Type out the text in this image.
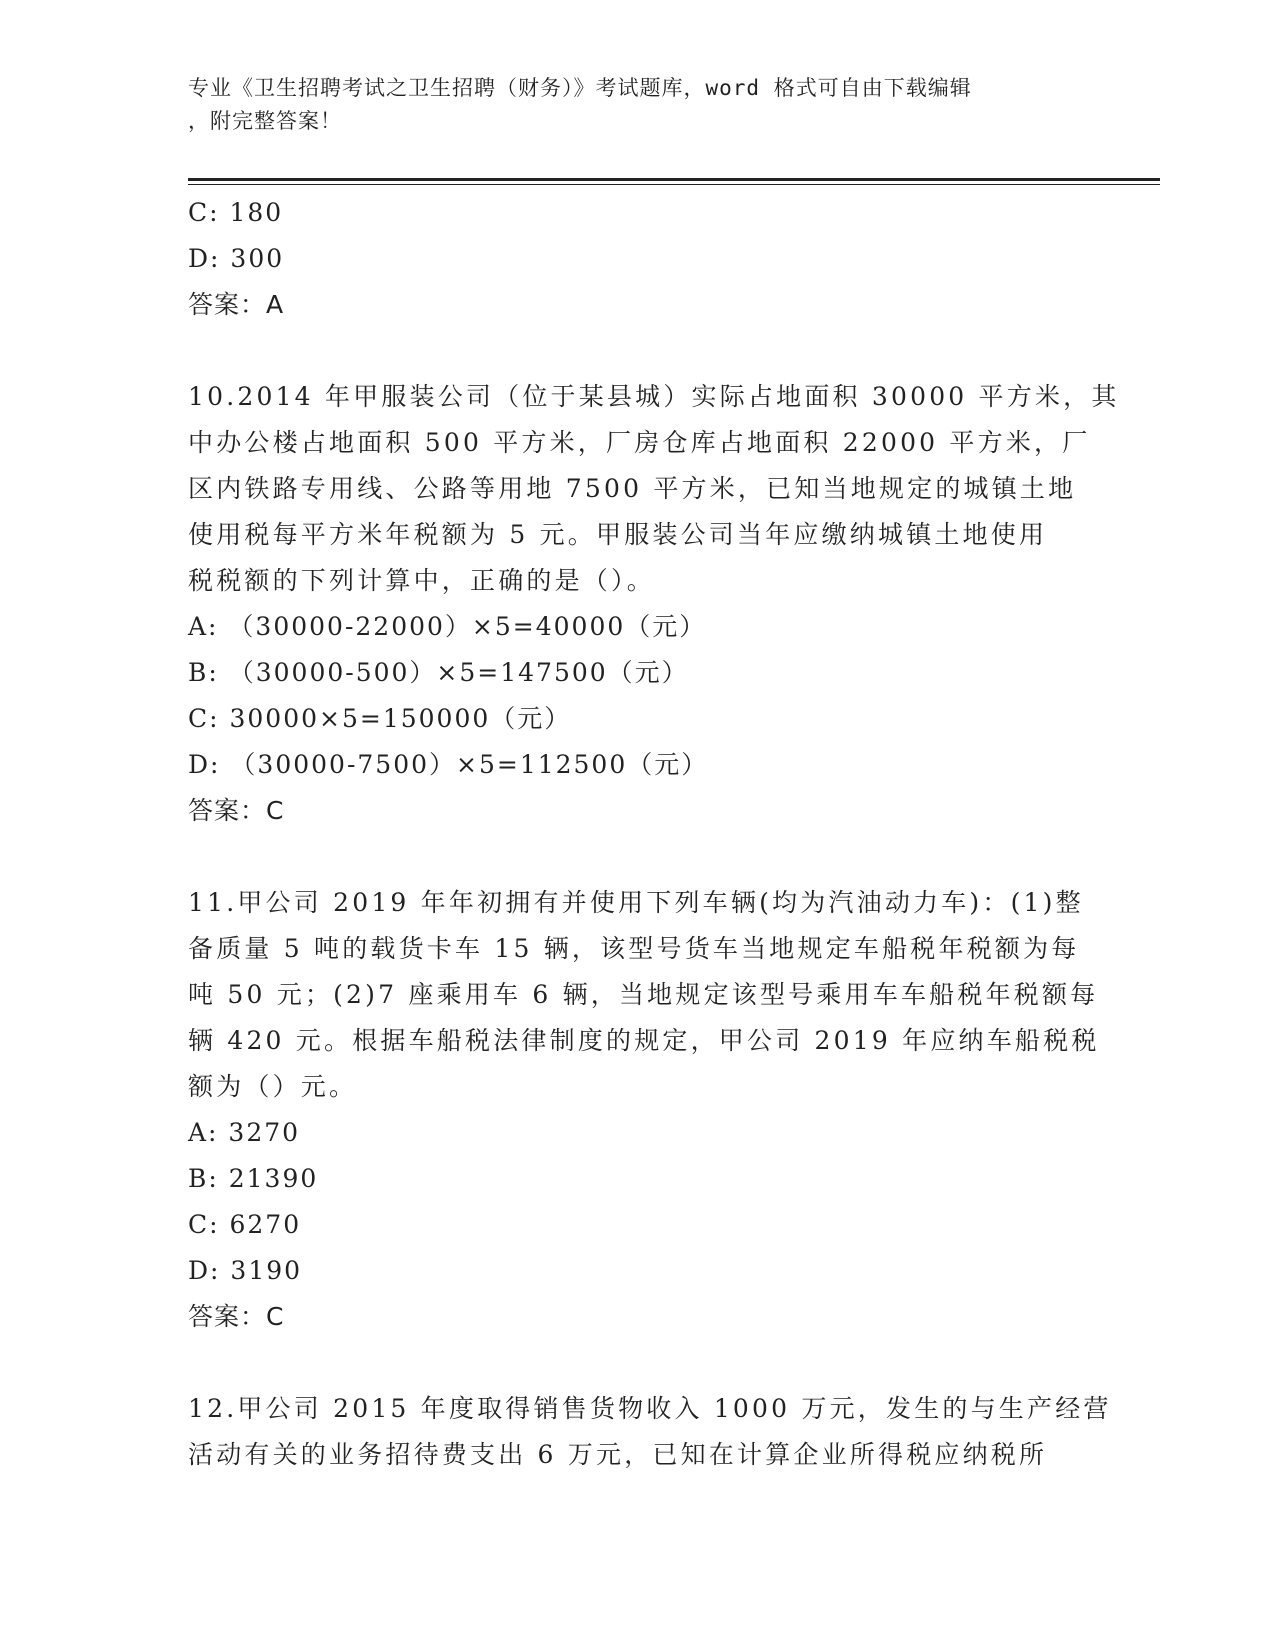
专业《卫生招聘考试之卫生招聘（财务）》考试题库，word 格式可自由下载编辑
，附完整答案！
C: 180
D: 300
答案：A
10.2014 年甲服装公司（位于某县城）实际占地面积 30000 平方米，其
中办公楼占地面积 500 平方米，厂房仓库占地面积 22000 平方米，厂
区内铁路专用线、公路等用地 7500 平方米，已知当地规定的城镇土地
使用税每平方米年税额为 5 元。甲服装公司当年应缴纳城镇土地使用
税税额的下列计算中，正确的是（）。
A: （30000-22000）×5=40000（元）
B: （30000-500）×5=147500（元）
C: 30000×5=150000（元）
D: （30000-7500）×5=112500（元）
答案：C
11.甲公司 2019 年年初拥有并使用下列车辆(均为汽油动力车)：(1)整
备质量 5 吨的载货卡车 15 辆，该型号货车当地规定车船税年税额为每
吨 50 元；(2)7 座乘用车 6 辆，当地规定该型号乘用车车船税年税额每
辆 420 元。根据车船税法律制度的规定，甲公司 2019 年应纳车船税税
额为（）元。
A: 3270
B: 21390
C: 6270
D: 3190
答案：C
12.甲公司 2015 年度取得销售货物收入 1000 万元，发生的与生产经营
活动有关的业务招待费支出 6 万元，已知在计算企业所得税应纳税所
